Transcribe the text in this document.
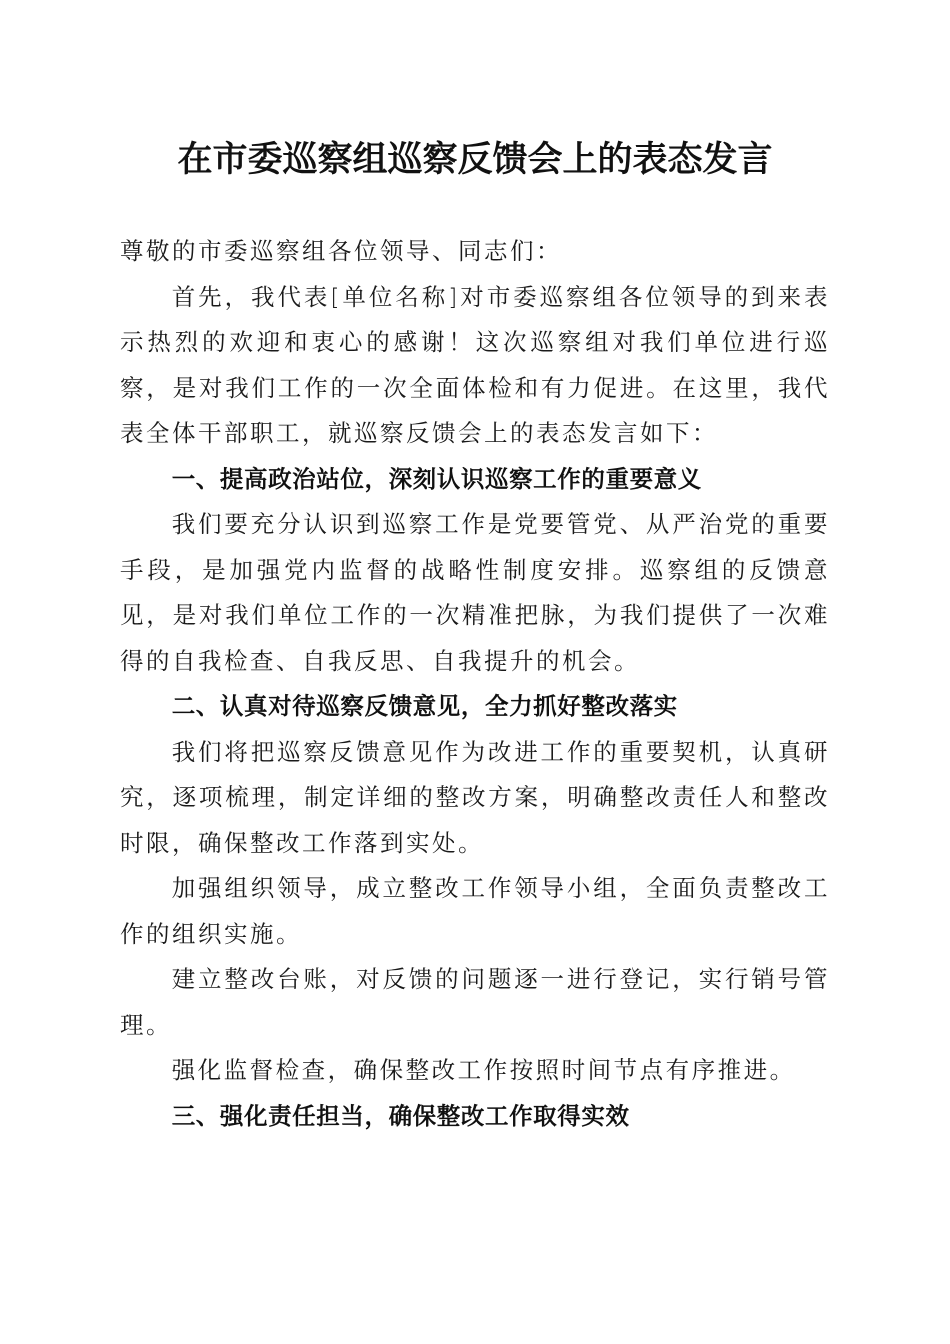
在市委巡察组巡察反馈会上的表态发言

尊敬的市委巡察组各位领导、同志们：

首先，我代表[单位名称]对市委巡察组各位领导的到来表示热烈的欢迎和衷心的感谢！这次巡察组对我们单位进行巡察，是对我们工作的一次全面体检和有力促进。在这里，我代表全体干部职工，就巡察反馈会上的表态发言如下：

一、提高政治站位，深刻认识巡察工作的重要意义

我们要充分认识到巡察工作是党要管党、从严治党的重要手段，是加强党内监督的战略性制度安排。巡察组的反馈意见，是对我们单位工作的一次精准把脉，为我们提供了一次难得的自我检查、自我反思、自我提升的机会。

二、认真对待巡察反馈意见，全力抓好整改落实

我们将把巡察反馈意见作为改进工作的重要契机，认真研究，逐项梳理，制定详细的整改方案，明确整改责任人和整改时限，确保整改工作落到实处。

加强组织领导，成立整改工作领导小组，全面负责整改工作的组织实施。

建立整改台账，对反馈的问题逐一进行登记，实行销号管理。

强化监督检查，确保整改工作按照时间节点有序推进。

三、强化责任担当，确保整改工作取得实效
